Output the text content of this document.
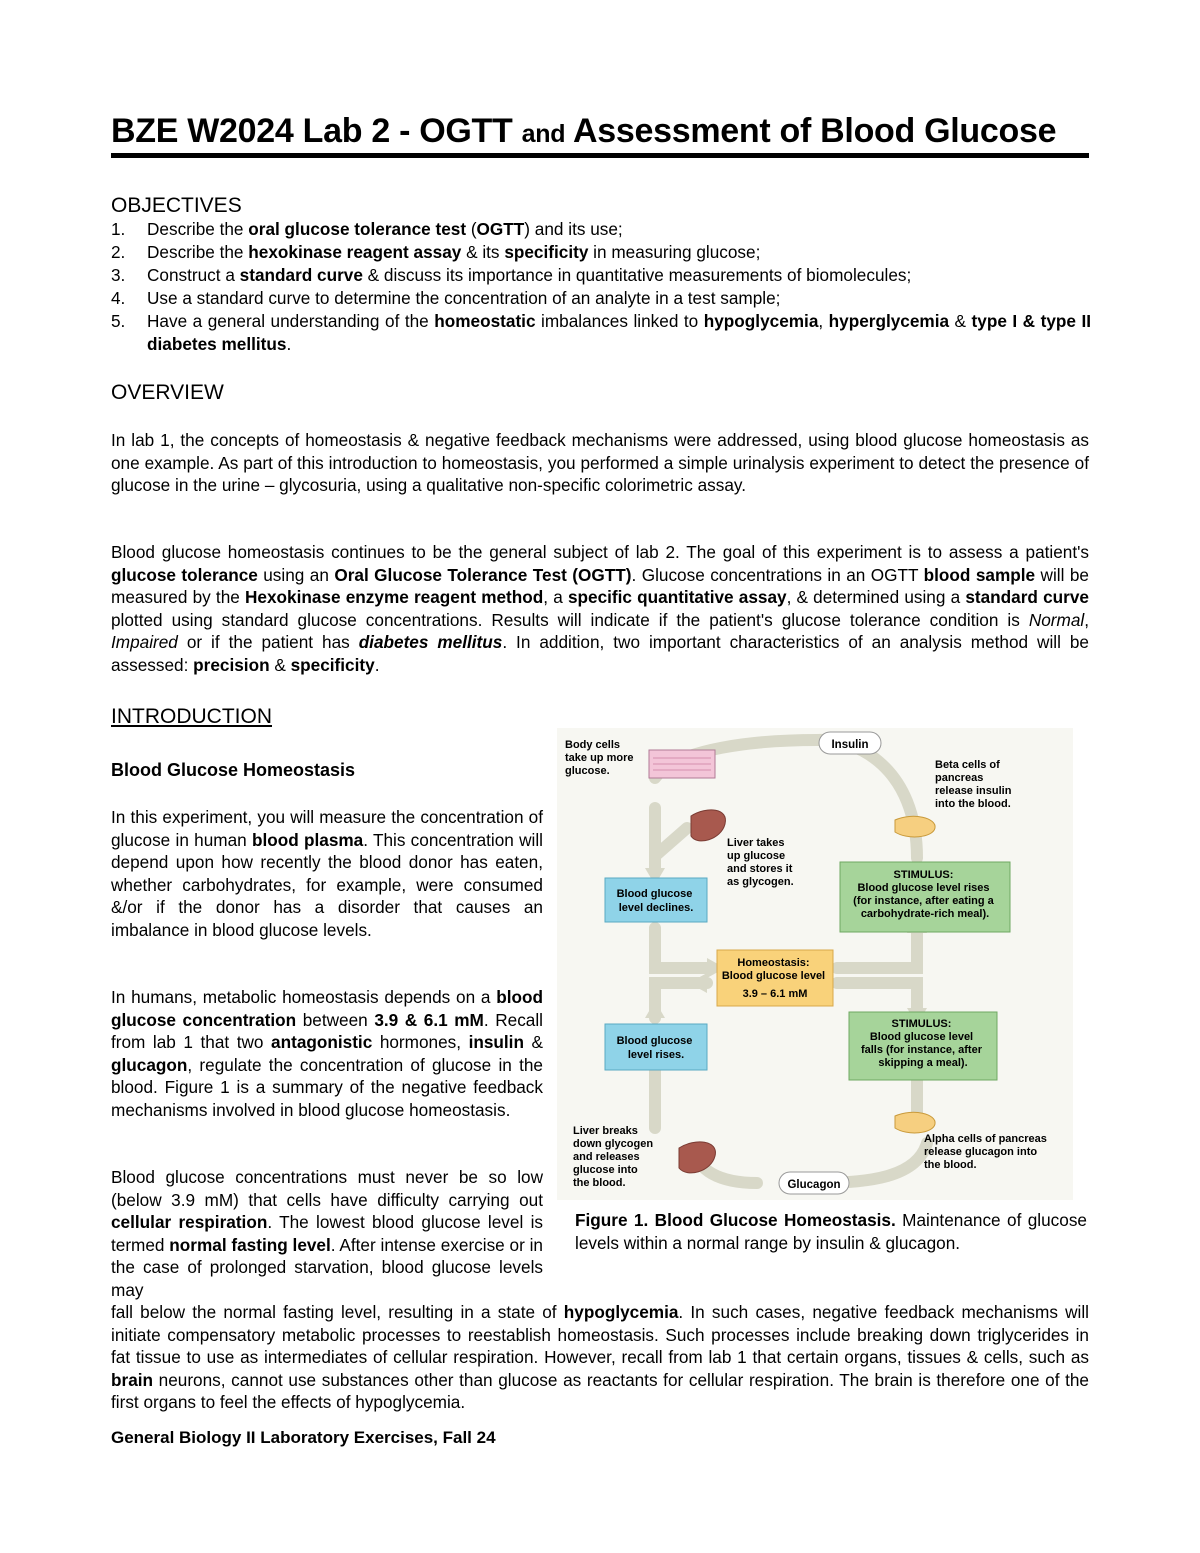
BZE W2024 Lab 2 - OGTT and Assessment of Blood Glucose
OBJECTIVES
1. Describe the oral glucose tolerance test (OGTT) and its use;
2. Describe the hexokinase reagent assay & its specificity in measuring glucose;
3. Construct a standard curve & discuss its importance in quantitative measurements of biomolecules;
4. Use a standard curve to determine the concentration of an analyte in a test sample;
5. Have a general understanding of the homeostatic imbalances linked to hypoglycemia, hyperglycemia & type I & type II diabetes mellitus.
OVERVIEW

In lab 1, the concepts of homeostasis & negative feedback mechanisms were addressed, using blood glucose homeostasis as one example. As part of this introduction to homeostasis, you performed a simple urinalysis experiment to detect the presence of glucose in the urine – glycosuria, using a qualitative non-specific colorimetric assay.

Blood glucose homeostasis continues to be the general subject of lab 2. The goal of this experiment is to assess a patient's glucose tolerance using an Oral Glucose Tolerance Test (OGTT). Glucose concentrations in an OGTT blood sample will be measured by the Hexokinase enzyme reagent method, a specific quantitative assay, & determined using a standard curve plotted using standard glucose concentrations. Results will indicate if the patient's glucose tolerance condition is Normal, Impaired or if the patient has diabetes mellitus. In addition, two important characteristics of an analysis method will be assessed: precision & specificity.

INTRODUCTION
Blood Glucose Homeostasis

In this experiment, you will measure the concentration of glucose in human blood plasma. This concentration will depend upon how recently the blood donor has eaten, whether carbohydrates, for example, were consumed &/or if the donor has a disorder that causes an imbalance in blood glucose levels.

In humans, metabolic homeostasis depends on a blood glucose concentration between 3.9 & 6.1 mM. Recall from lab 1 that two antagonistic hormones, insulin & glucagon, regulate the concentration of glucose in the blood. Figure 1 is a summary of the negative feedback mechanisms involved in blood glucose homeostasis.

Blood glucose concentrations must never be so low (below 3.9 mM) that cells have difficulty carrying out cellular respiration. The lowest blood glucose level is termed normal fasting level. After intense exercise or in the case of prolonged starvation, blood glucose levels may

fall below the normal fasting level, resulting in a state of hypoglycemia. In such cases, negative feedback mechanisms will initiate compensatory metabolic processes to reestablish homeostasis. Such processes include breaking down triglycerides in fat tissue to use as intermediates of cellular respiration. However, recall from lab 1 that certain organs, tissues & cells, such as brain neurons, cannot use substances other than glucose as reactants for cellular respiration. The brain is therefore one of the first organs to feel the effects of hypoglycemia.

Insulin
Glucagon
Body cells take up more glucose.	Beta cells of pancreas release insulin into the blood.
Liver takes up glucose and stores it as glycogen.
Blood glucose level declines.
STIMULUS: Blood glucose level rises (for instance, after eating a carbohydrate-rich meal).
Homeostasis: Blood glucose level 3.9 – 6.1 mM
Blood glucose level rises.
STIMULUS: Blood glucose level falls (for instance, after skipping a meal).
Liver breaks down glycogen and releases glucose into the blood.
Alpha cells of pancreas release glucagon into the blood.

Figure 1. Blood Glucose Homeostasis. Maintenance of glucose levels within a normal range by insulin & glucagon.

General Biology II Laboratory Exercises, Fall 24
